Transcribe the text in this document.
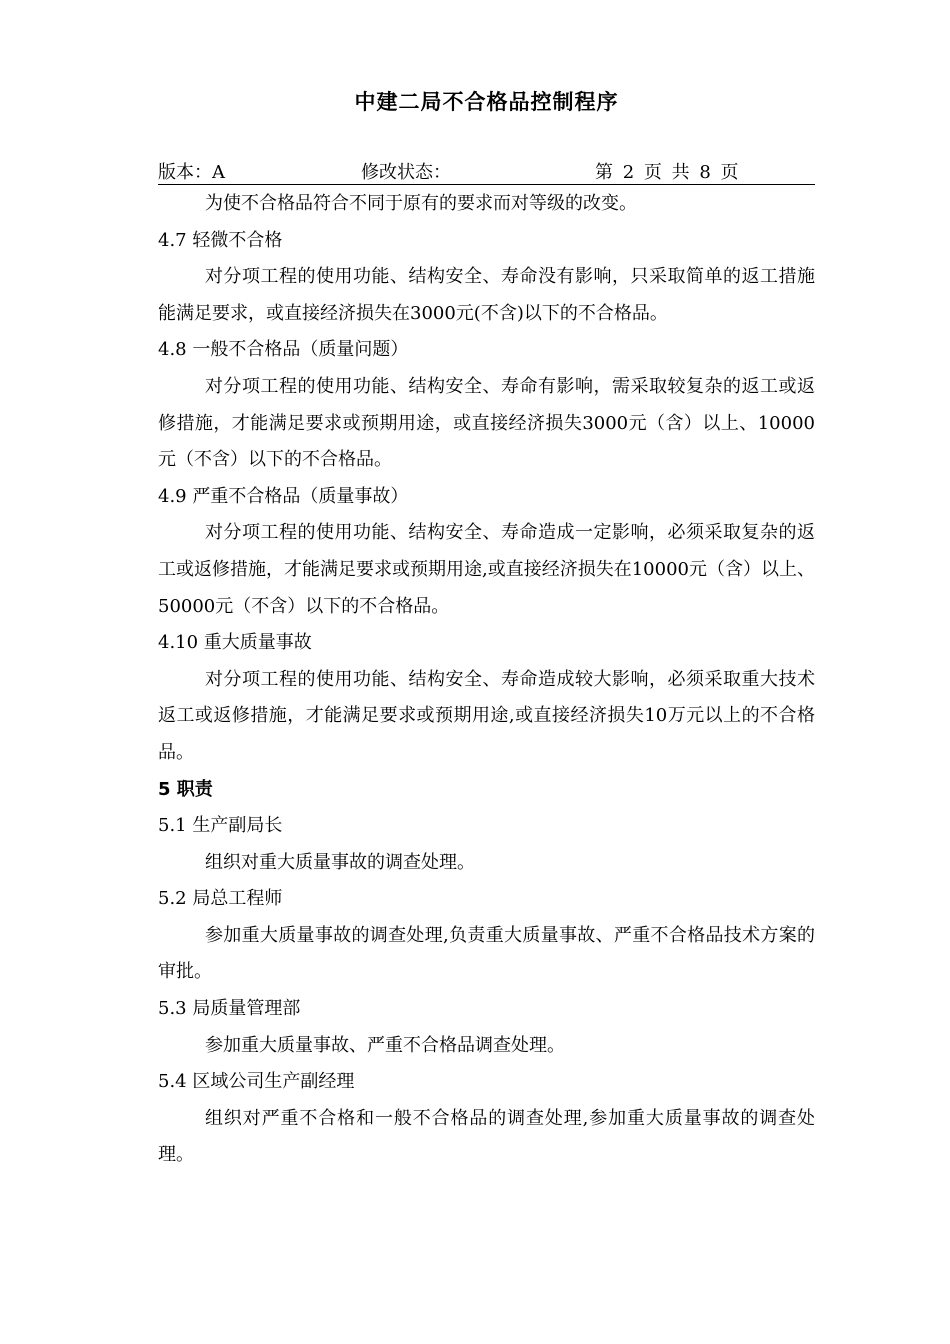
中建二局不合格品控制程序
版本：A	修改状态：	第 2 页 共 8 页

为使不合格品符合不同于原有的要求而对等级的改变。

4.7 轻微不合格

对分项工程的使用功能、结构安全、寿命没有影响，只采取简单的返工措施能满足要求，或直接经济损失在3000元(不含)以下的不合格品。

4.8 一般不合格品（质量问题）

对分项工程的使用功能、结构安全、寿命有影响，需采取较复杂的返工或返修措施，才能满足要求或预期用途，或直接经济损失3000元（含）以上、10000元（不含）以下的不合格品。

4.9 严重不合格品（质量事故）

对分项工程的使用功能、结构安全、寿命造成一定影响，必须采取复杂的返工或返修措施，才能满足要求或预期用途,或直接经济损失在10000元（含）以上、50000元（不含）以下的不合格品。

4.10 重大质量事故

对分项工程的使用功能、结构安全、寿命造成较大影响，必须采取重大技术返工或返修措施，才能满足要求或预期用途,或直接经济损失10万元以上的不合格品。

5 职责

5.1 生产副局长

组织对重大质量事故的调查处理。

5.2 局总工程师

参加重大质量事故的调查处理,负责重大质量事故、严重不合格品技术方案的审批。

5.3 局质量管理部

参加重大质量事故、严重不合格品调查处理。

5.4 区域公司生产副经理

组织对严重不合格和一般不合格品的调查处理,参加重大质量事故的调查处理。
